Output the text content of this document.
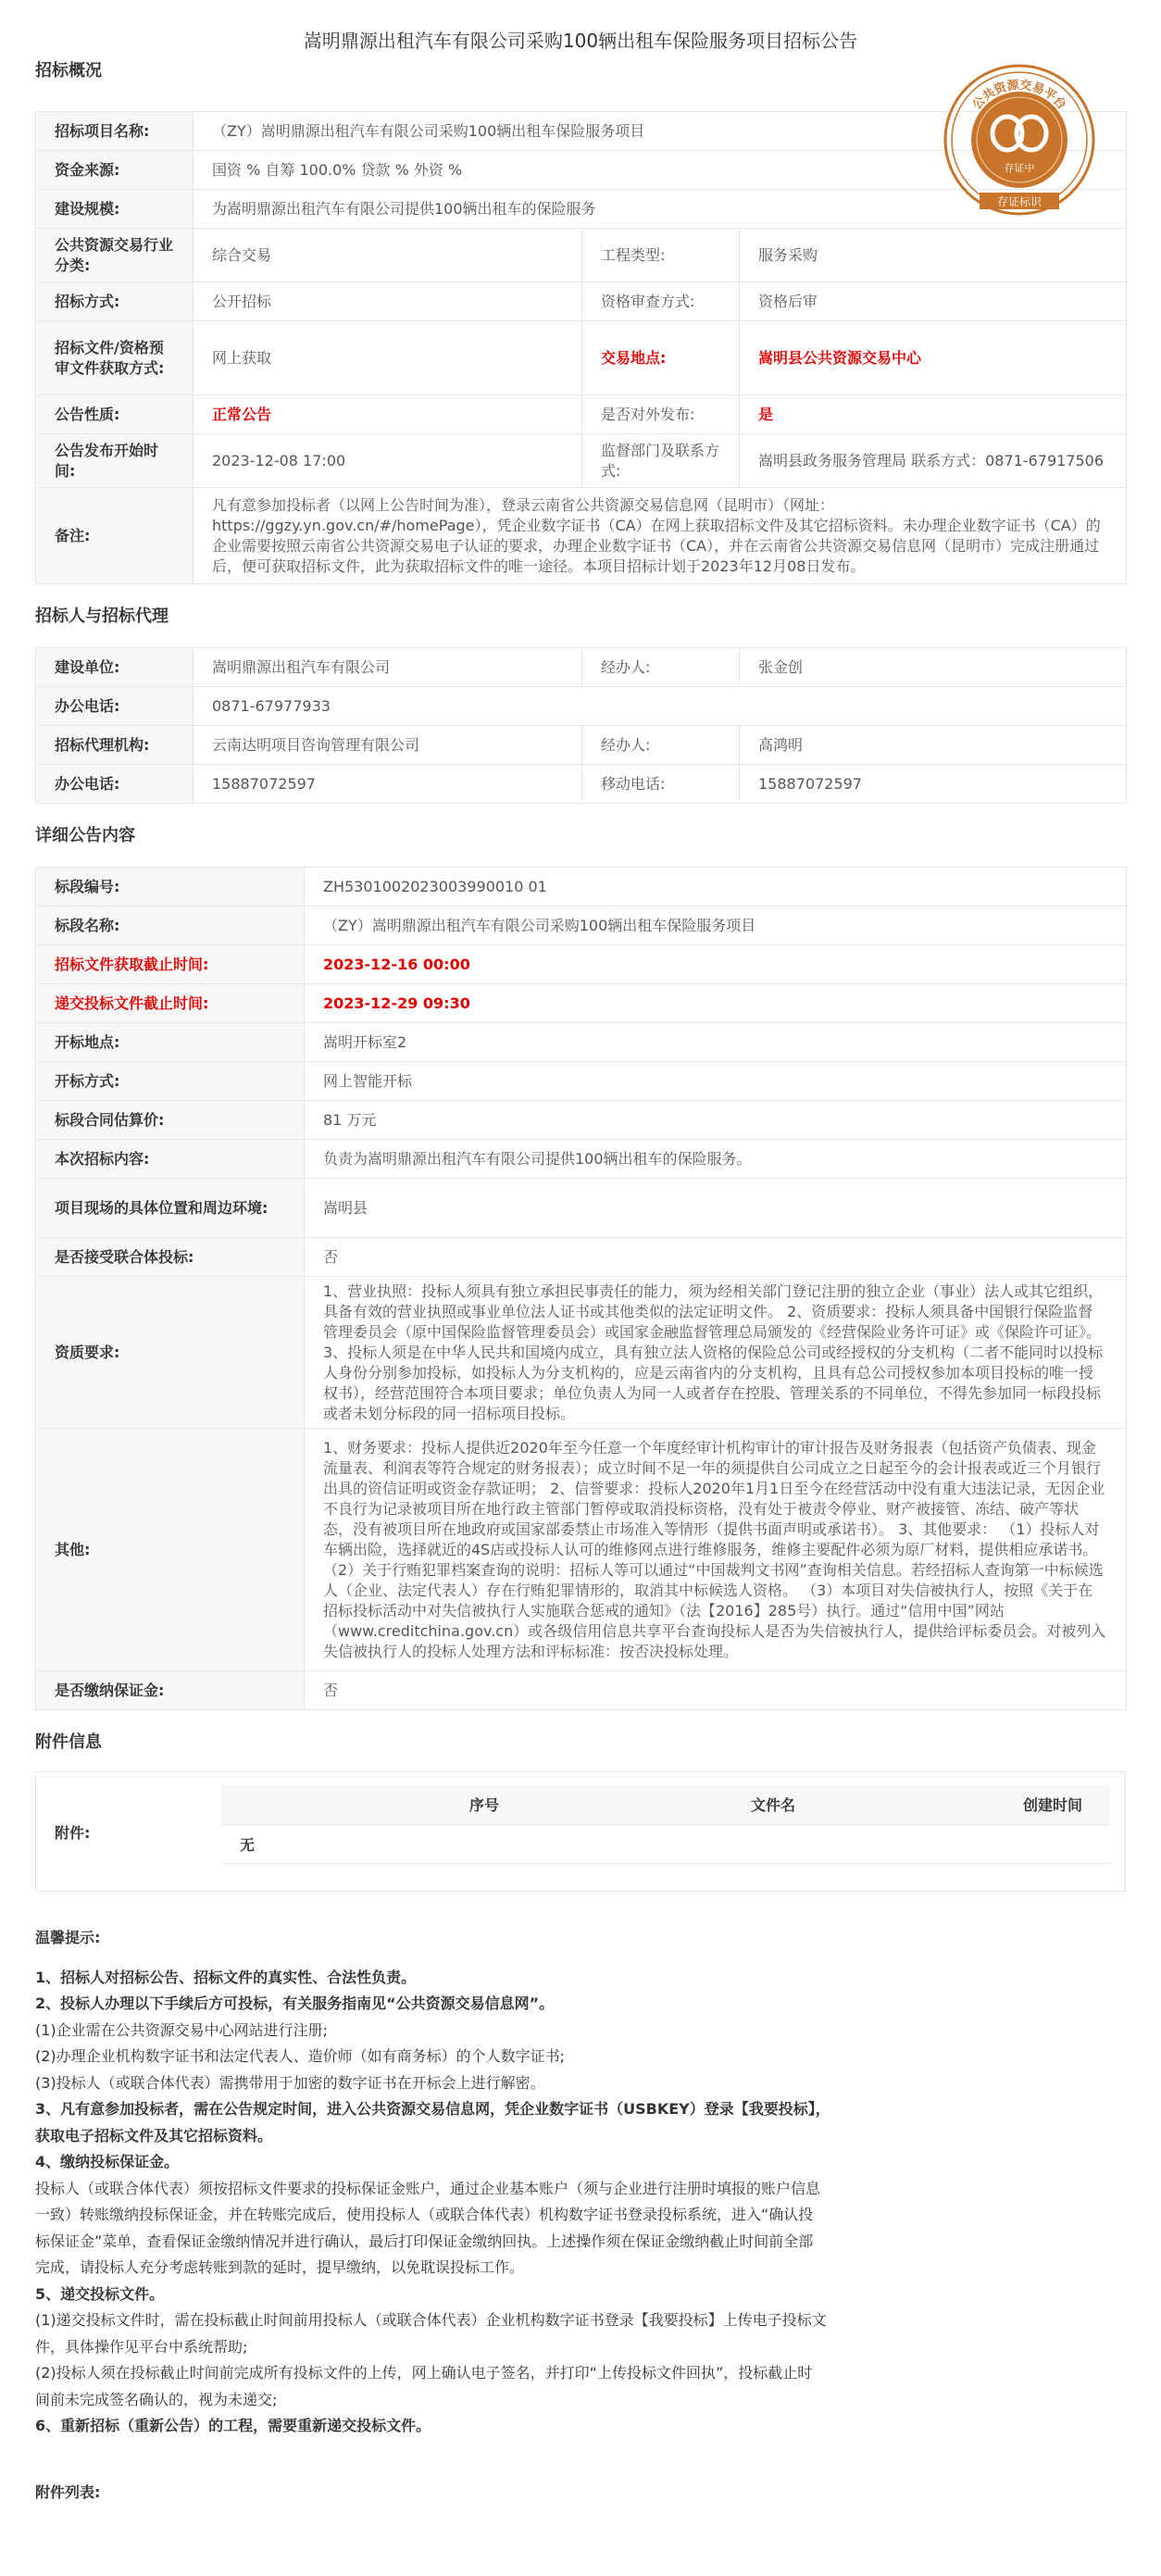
嵩明鼎源出租汽车有限公司采购100辆出租车保险服务项目招标公告
存证中
公共资源交易平台
存证标识
招标概况
招标项目名称:	（ZY）嵩明鼎源出租汽车有限公司采购100辆出租车保险服务项目		
资金来源:	国资 % 自筹 100.0% 贷款 % 外资 %		
建设规模:	为嵩明鼎源出租汽车有限公司提供100辆出租车的保险服务		
公共资源交易行业分类:	综合交易	工程类型:	服务采购
招标方式:	公开招标	资格审查方式:	资格后审
招标文件/资格预审文件获取方式:	网上获取	交易地点:	嵩明县公共资源交易中心
公告性质:	正常公告	是否对外发布:	是
公告发布开始时间:	2023-12-08 17:00	监督部门及联系方式:	嵩明县政务服务管理局 联系方式：0871-67917506
备注:	凡有意参加投标者（以网上公告时间为准），登录云南省公共资源交易信息网（昆明市）（网址：https://ggzy.yn.gov.cn/#/homePage），凭企业数字证书（CA）在网上获取招标文件及其它招标资料。未办理企业数字证书（CA）的企业需要按照云南省公共资源交易电子认证的要求，办理企业数字证书（CA），并在云南省公共资源交易信息网（昆明市）完成注册通过后，便可获取招标文件，此为获取招标文件的唯一途径。本项目招标计划于2023年12月08日发布。		
招标人与招标代理
建设单位:	嵩明鼎源出租汽车有限公司	经办人:	张金创
办公电话:	0871-67977933		
招标代理机构:	云南达明项目咨询管理有限公司	经办人:	高鸿明
办公电话:	15887072597	移动电话:	15887072597
详细公告内容
标段编号:	ZH5301002023003990010 01
标段名称:	（ZY）嵩明鼎源出租汽车有限公司采购100辆出租车保险服务项目
招标文件获取截止时间:	2023-12-16 00:00
递交投标文件截止时间:	2023-12-29 09:30
开标地点:	嵩明开标室2
开标方式:	网上智能开标
标段合同估算价:	81 万元
本次招标内容:	负责为嵩明鼎源出租汽车有限公司提供100辆出租车的保险服务。
项目现场的具体位置和周边环境:	嵩明县
是否接受联合体投标:	否
资质要求:	1、营业执照：投标人须具有独立承担民事责任的能力，须为经相关部门登记注册的独立企业（事业）法人或其它组织，具备有效的营业执照或事业单位法人证书或其他类似的法定证明文件。 2、资质要求：投标人须具备中国银行保险监督管理委员会（原中国保险监督管理委员会）或国家金融监督管理总局颁发的《经营保险业务许可证》或《保险许可证》。 3、投标人须是在中华人民共和国境内成立，具有独立法人资格的保险总公司或经授权的分支机构（二者不能同时以投标人身份分别参加投标，如投标人为分支机构的，应是云南省内的分支机构，且具有总公司授权参加本项目投标的唯一授权书），经营范围符合本项目要求；单位负责人为同一人或者存在控股、管理关系的不同单位，不得先参加同一标段投标或者未划分标段的同一招标项目投标。
其他:	1、财务要求：投标人提供近2020年至今任意一个年度经审计机构审计的审计报告及财务报表（包括资产负债表、现金流量表、利润表等符合规定的财务报表）；成立时间不足一年的须提供自公司成立之日起至今的会计报表或近三个月银行出具的资信证明或资金存款证明； 2、信誉要求：投标人2020年1月1日至今在经营活动中没有重大违法记录，无因企业不良行为记录被项目所在地行政主管部门暂停或取消投标资格，没有处于被责令停业、财产被接管、冻结、破产等状态，没有被项目所在地政府或国家部委禁止市场准入等情形（提供书面声明或承诺书）。 3、其他要求： （1）投标人对车辆出险，选择就近的4S店或投标人认可的维修网点进行维修服务，维修主要配件必须为原厂材料，提供相应承诺书。 （2）关于行贿犯罪档案查询的说明：招标人等可以通过“中国裁判文书网”查询相关信息。若经招标人查询第一中标候选人（企业、法定代表人）存在行贿犯罪情形的，取消其中标候选人资格。 （3）本项目对失信被执行人，按照《关于在招标投标活动中对失信被执行人实施联合惩戒的通知》（法【2016】285号）执行。通过“信用中国”网站（www.creditchina.gov.cn）或各级信用信息共享平台查询投标人是否为失信被执行人，提供给评标委员会。对被列入失信被执行人的投标人处理方法和评标标准：按否决投标处理。
是否缴纳保证金:	否
附件信息
附件:
序号	文件名	创建时间
无
温馨提示:
1、招标人对招标公告、招标文件的真实性、合法性负责。
2、投标人办理以下手续后方可投标，有关服务指南见“公共资源交易信息网”。
(1)企业需在公共资源交易中心网站进行注册;
(2)办理企业机构数字证书和法定代表人、造价师（如有商务标）的个人数字证书;
(3)投标人（或联合体代表）需携带用于加密的数字证书在开标会上进行解密。
3、凡有意参加投标者，需在公告规定时间，进入公共资源交易信息网，凭企业数字证书（USBKEY）登录【我要投标】，
获取电子招标文件及其它招标资料。
4、缴纳投标保证金。
投标人（或联合体代表）须按招标文件要求的投标保证金账户，通过企业基本账户（须与企业进行注册时填报的账户信息
一致）转账缴纳投标保证金，并在转账完成后，使用投标人（或联合体代表）机构数字证书登录投标系统，进入“确认投
标保证金”菜单，查看保证金缴纳情况并进行确认，最后打印保证金缴纳回执。上述操作须在保证金缴纳截止时间前全部
完成，请投标人充分考虑转账到款的延时，提早缴纳，以免耽误投标工作。
5、递交投标文件。
(1)递交投标文件时，需在投标截止时间前用投标人（或联合体代表）企业机构数字证书登录【我要投标】上传电子投标文
件，具体操作见平台中系统帮助;
(2)投标人须在投标截止时间前完成所有投标文件的上传，网上确认电子签名，并打印“上传投标文件回执”，投标截止时
间前未完成签名确认的，视为未递交;
6、重新招标（重新公告）的工程，需要重新递交投标文件。
附件列表:
